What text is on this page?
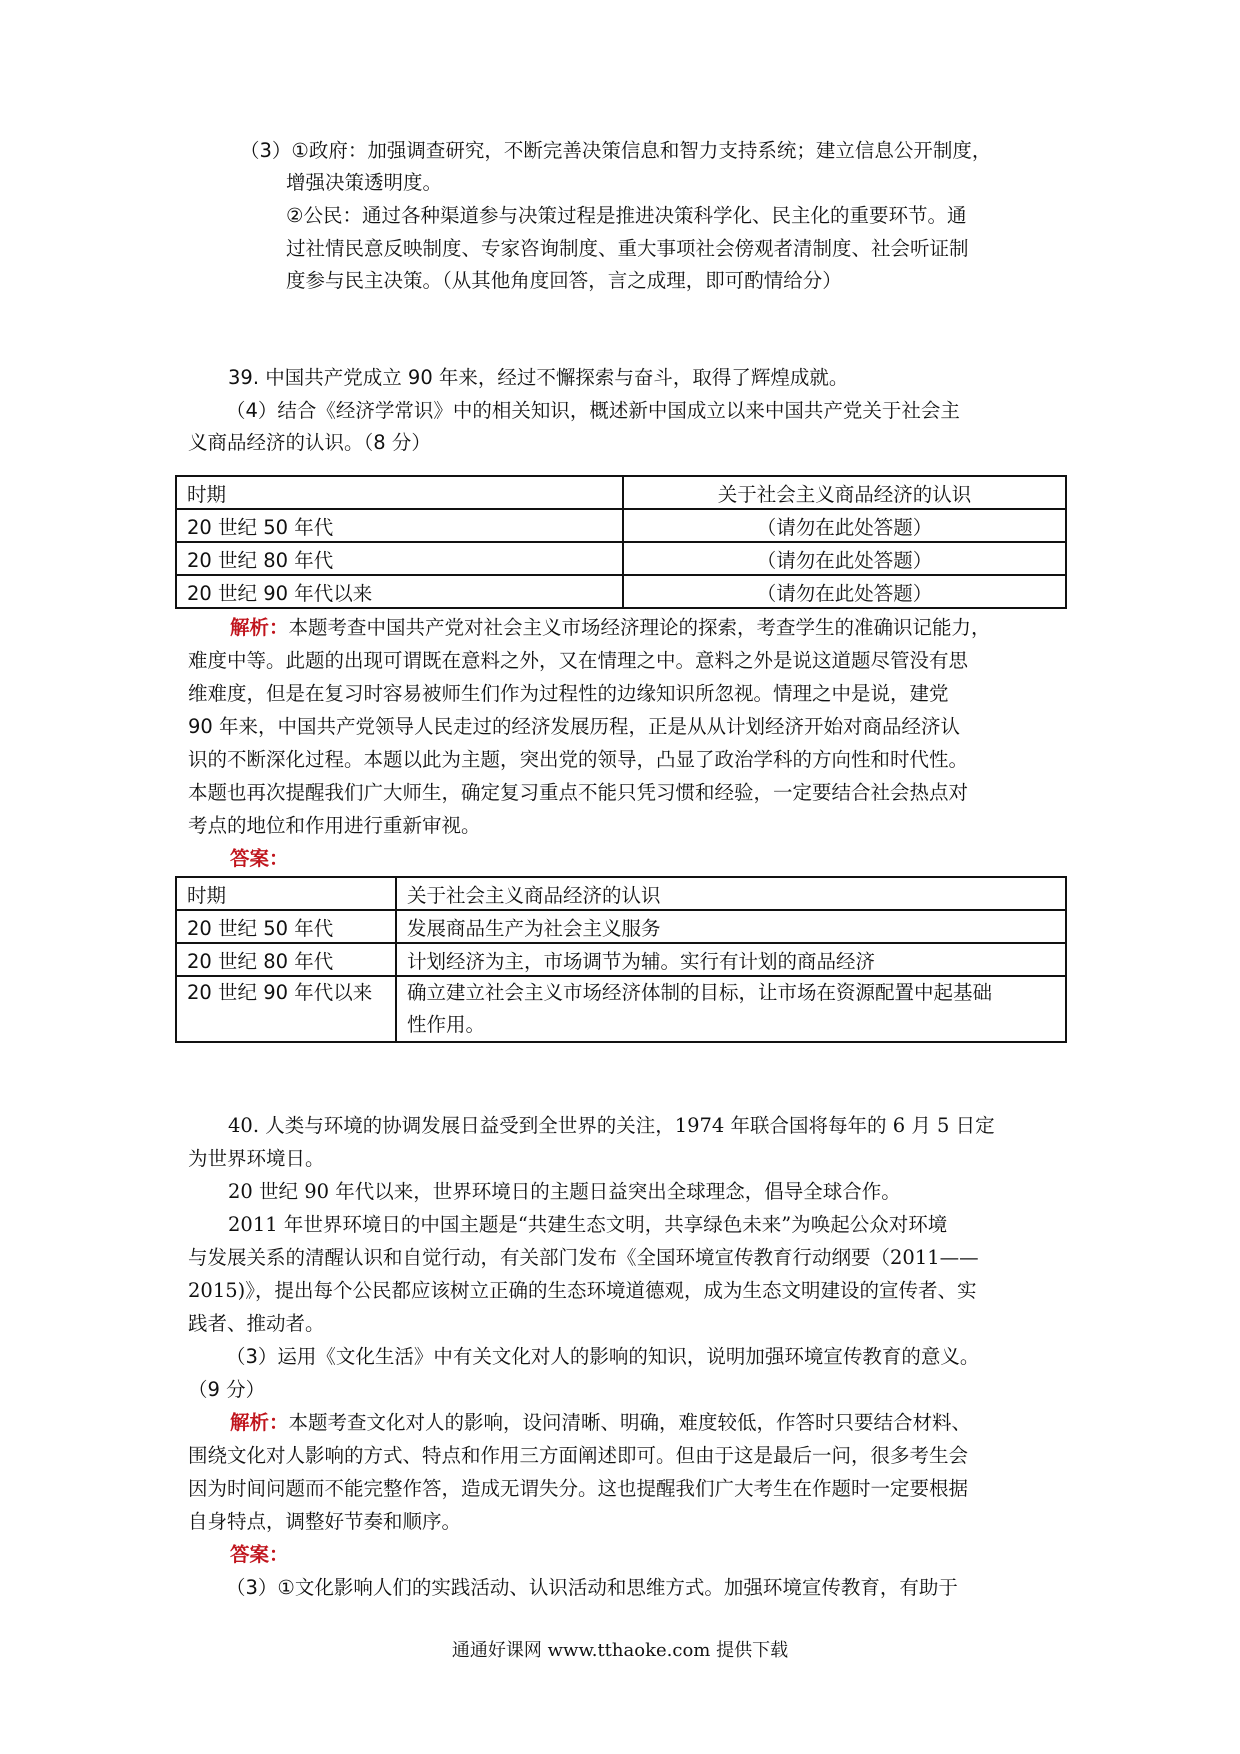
（3）①政府：加强调查研究，不断完善决策信息和智力支持系统；建立信息公开制度，

增强决策透明度。

②公民：通过各种渠道参与决策过程是推进决策科学化、民主化的重要环节。通

过社情民意反映制度、专家咨询制度、重大事项社会傍观者清制度、社会听证制

度参与民主决策。（从其他角度回答，言之成理，即可酌情给分）

39. 中国共产党成立 90 年来，经过不懈探索与奋斗，取得了辉煌成就。

（4）结合《经济学常识》中的相关知识，概述新中国成立以来中国共产党关于社会主

义商品经济的认识。（8 分）

时期	关于社会主义商品经济的认识
20 世纪 50 年代	（请勿在此处答题）
20 世纪 80 年代	（请勿在此处答题）
20 世纪 90 年代以来	（请勿在此处答题）

解析：本题考查中国共产党对社会主义市场经济理论的探索，考查学生的准确识记能力，

难度中等。此题的出现可谓既在意料之外，又在情理之中。意料之外是说这道题尽管没有思

维难度，但是在复习时容易被师生们作为过程性的边缘知识所忽视。情理之中是说，建党

90 年来，中国共产党领导人民走过的经济发展历程，正是从从计划经济开始对商品经济认

识的不断深化过程。本题以此为主题，突出党的领导，凸显了政治学科的方向性和时代性。

本题也再次提醒我们广大师生，确定复习重点不能只凭习惯和经验，一定要结合社会热点对

考点的地位和作用进行重新审视。

答案：

时期	关于社会主义商品经济的认识
20 世纪 50 年代	发展商品生产为社会主义服务
20 世纪 80 年代	计划经济为主，市场调节为辅。实行有计划的商品经济
20 世纪 90 年代以来	确立建立社会主义市场经济体制的目标，让市场在资源配置中起基础
性作用。

40. 人类与环境的协调发展日益受到全世界的关注，1974 年联合国将每年的 6 月 5 日定

为世界环境日。

20 世纪 90 年代以来，世界环境日的主题日益突出全球理念，倡导全球合作。

2011 年世界环境日的中国主题是“共建生态文明，共享绿色未来”为唤起公众对环境

与发展关系的清醒认识和自觉行动，有关部门发布《全国环境宣传教育行动纲要（2011——

2015)》，提出每个公民都应该树立正确的生态环境道德观，成为生态文明建设的宣传者、实

践者、推动者。

（3）运用《文化生活》中有关文化对人的影响的知识，说明加强环境宣传教育的意义。

（9 分）

解析：本题考查文化对人的影响，设问清晰、明确，难度较低，作答时只要结合材料、

围绕文化对人影响的方式、特点和作用三方面阐述即可。但由于这是最后一问，很多考生会

因为时间问题而不能完整作答，造成无谓失分。这也提醒我们广大考生在作题时一定要根据

自身特点，调整好节奏和顺序。

答案：

（3）①文化影响人们的实践活动、认识活动和思维方式。加强环境宣传教育，有助于

通通好课网 www.tthaoke.com 提供下载
